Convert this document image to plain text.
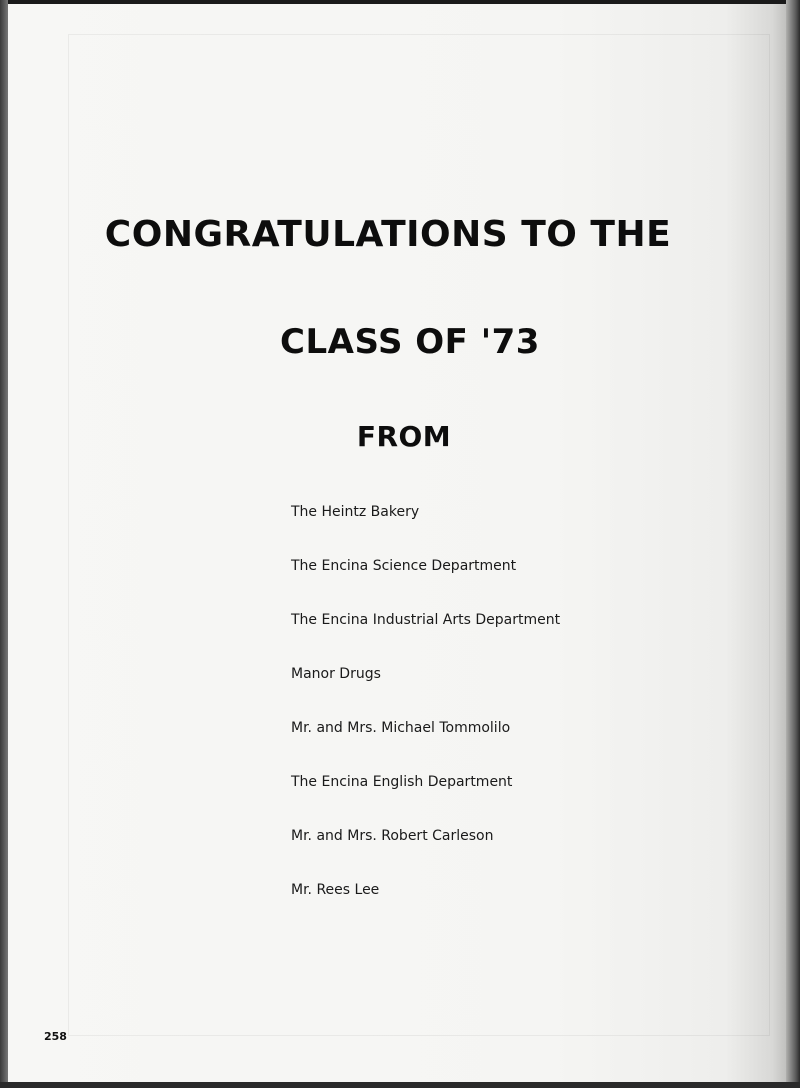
CONGRATULATIONS TO THE
CLASS OF '73
FROM
The Heintz Bakery
The Encina Science Department
The Encina Industrial Arts Department
Manor Drugs
Mr. and Mrs. Michael Tommolilo
The Encina English Department
Mr. and Mrs. Robert Carleson
Mr. Rees Lee
258
